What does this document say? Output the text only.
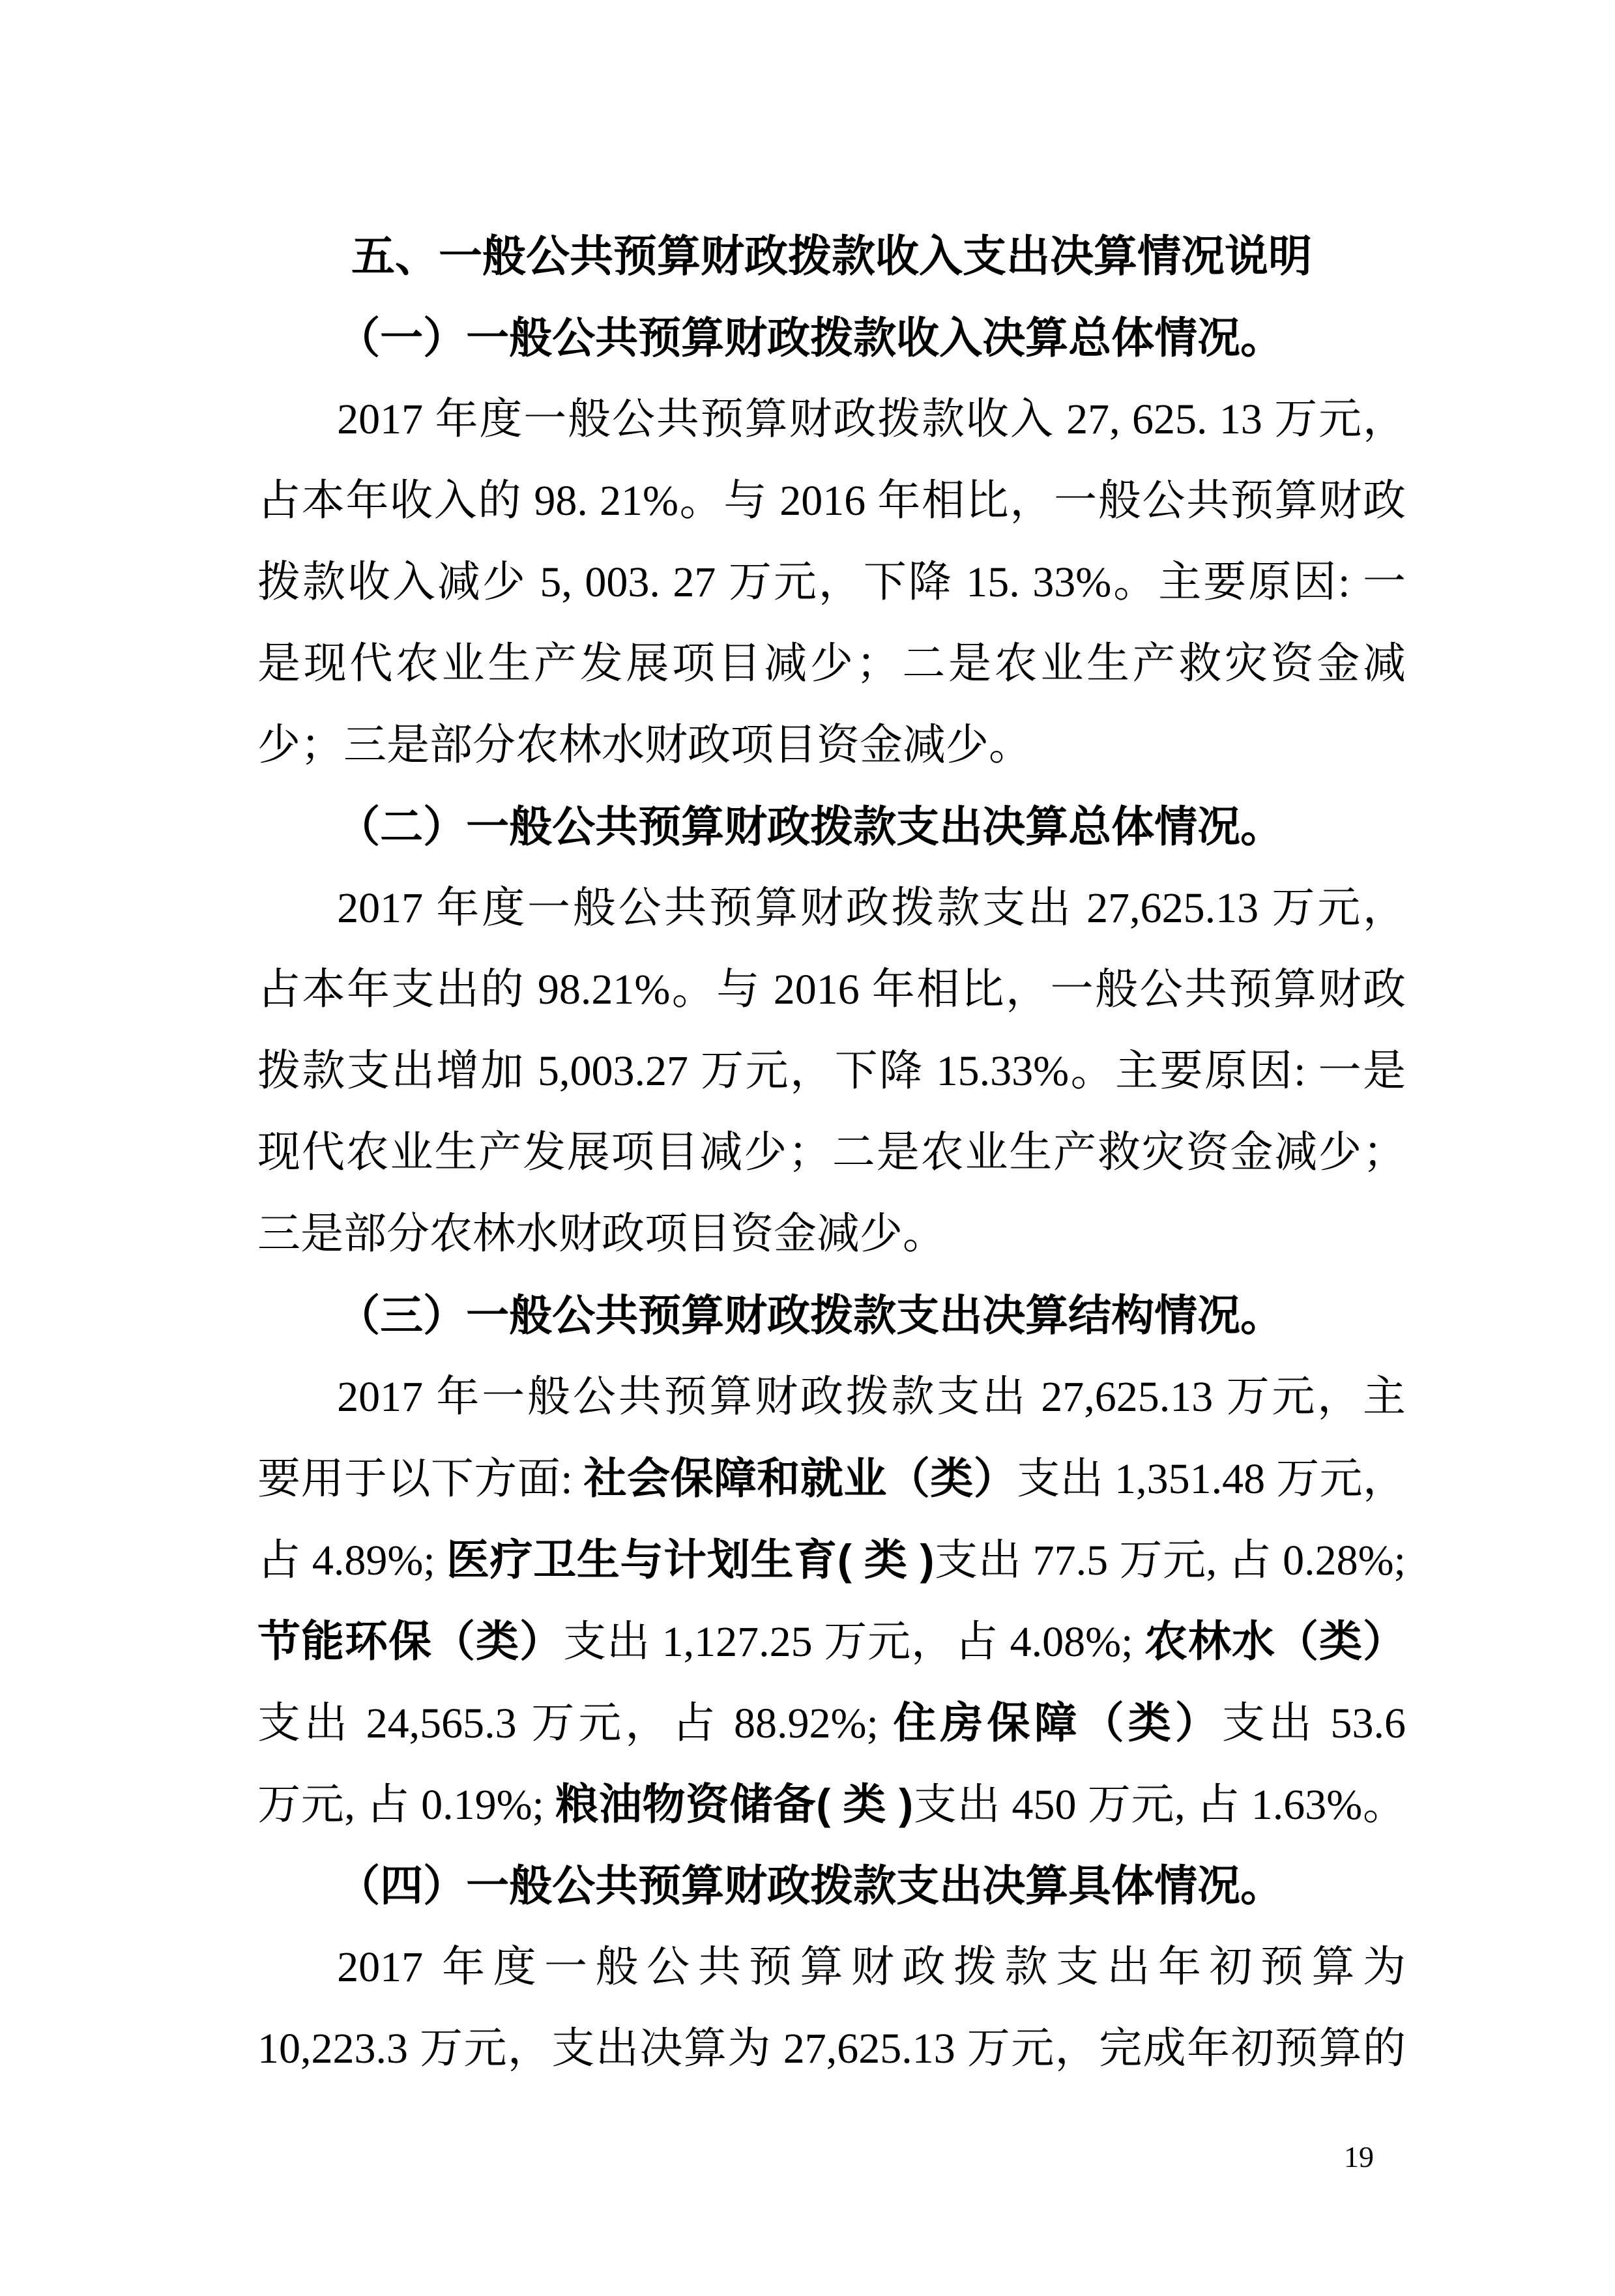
五、一般公共预算财政拨款收入支出决算情况说明
（一）一般公共预算财政拨款收入决算总体情况。
2017 年度一般公共预算财政拨款收入 27, 625. 13 万元，
占本年收入的 98. 21%。与 2016 年相比，一般公共预算财政
拨款收入减少 5, 003. 27 万元，下降 15. 33%。主要原因: 一
是现代农业生产发展项目减少；二是农业生产救灾资金减
少；三是部分农林水财政项目资金减少。
（二）一般公共预算财政拨款支出决算总体情况。
2017 年度一般公共预算财政拨款支出 27,625.13 万元，
占本年支出的 98.21%。与 2016 年相比，一般公共预算财政
拨款支出增加 5,003.27 万元，下降 15.33%。主要原因: 一是
现代农业生产发展项目减少；二是农业生产救灾资金减少；
三是部分农林水财政项目资金减少。
（三）一般公共预算财政拨款支出决算结构情况。
2017 年一般公共预算财政拨款支出 27,625.13 万元，主
要用于以下方面: 社会保障和就业（类）支出 1,351.48 万元，
占 4.89%; 医疗卫生与计划生育( 类 )支出 77.5 万元, 占 0.28%;
节能环保（类）支出 1,127.25 万元，占 4.08%; 农林水（类）
支出 24,565.3 万元，占 88.92%; 住房保障（类）支出 53.6
万元, 占 0.19%; 粮油物资储备( 类 )支出 450 万元, 占 1.63%。
（四）一般公共预算财政拨款支出决算具体情况。
2017 年度一般公共预算财政拨款支出年初预算为
10,223.3 万元，支出决算为 27,625.13 万元，完成年初预算的
19
